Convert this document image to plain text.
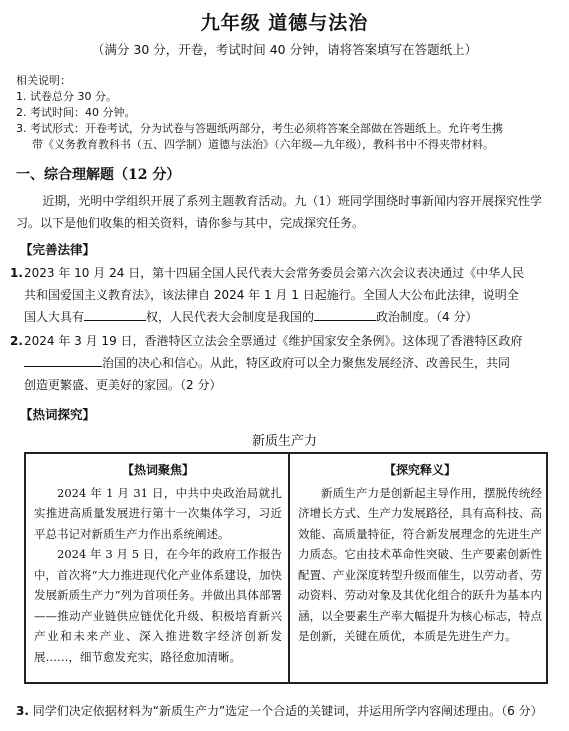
九年级 道德与法治
（满分 30 分，开卷，考试时间 40 分钟，请将答案填写在答题纸上）
相关说明：
1. 试卷总分 30 分。
2. 考试时间：40 分钟。
3. 考试形式：开卷考试，分为试卷与答题纸两部分，考生必须将答案全部做在答题纸上。允许考生携
带《义务教育教科书（五、四学制）道德与法治》（六年级—九年级），教科书中不得夹带材料。
一、综合理解题（12 分）
近期，光明中学组织开展了系列主题教育活动。九（1）班同学围绕时事新闻内容开展探究性学习。以下是他们收集的相关资料，请你参与其中，完成探究任务。
【完善法律】
1.2023 年 10 月 24 日，第十四届全国人民代表大会常务委员会第六次会议表决通过《中华人民
共和国爱国主义教育法》，该法律自 2024 年 1 月 1 日起施行。全国人大公布此法律，说明全
国人大具有	权，人民代表大会制度是我国的	政治制度。（4 分）
2.2024 年 3 月 19 日，香港特区立法会全票通过《维护国家安全条例》。这体现了香港特区政府
治国的决心和信心。从此，特区政府可以全力聚焦发展经济、改善民生，共同
创造更繁盛、更美好的家园。（2 分）
【热词探究】
新质生产力
【热词聚焦】

2024 年 1 月 31 日，中共中央政治局就扎实推进高质量发展进行第十一次集体学习，习近平总书记对新质生产力作出系统阐述。

2024 年 3 月 5 日，在今年的政府工作报告中，首次将“大力推进现代化产业体系建设，加快发展新质生产力”列为首项任务。并做出具体部署——推动产业链供应链优化升级、积极培育新兴产业和未来产业、深入推进数字经济创新发展……，细节愈发充实，路径愈加清晰。

【探究释义】

新质生产力是创新起主导作用，摆脱传统经济增长方式、生产力发展路径，具有高科技、高效能、高质量特征，符合新发展理念的先进生产力质态。它由技术革命性突破、生产要素创新性配置、产业深度转型升级而催生，以劳动者、劳动资料、劳动对象及其优化组合的跃升为基本内涵，以全要素生产率大幅提升为核心标志，特点是创新，关键在质优，本质是先进生产力。

3. 同学们决定依据材料为“新质生产力”选定一个合适的关键词，并运用所学内容阐述理由。（6 分）
